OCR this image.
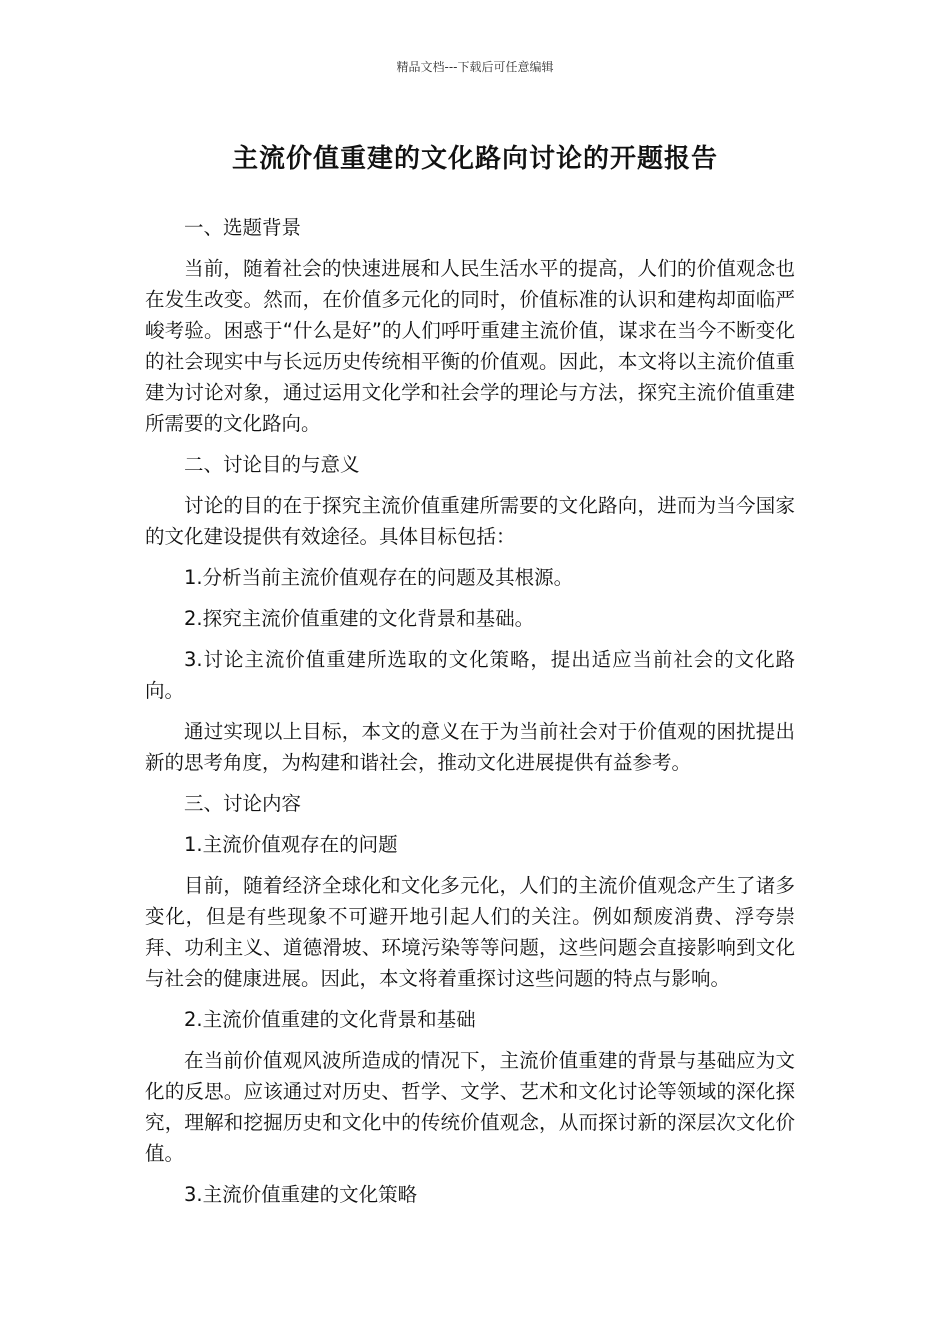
精品文档---下载后可任意编辑
主流价值重建的文化路向讨论的开题报告

一、选题背景

当前，随着社会的快速进展和人民生活水平的提高，人们的价值观念也在发生改变。然而，在价值多元化的同时，价值标准的认识和建构却面临严峻考验。困惑于“什么是好”的人们呼吁重建主流价值，谋求在当今不断变化的社会现实中与长远历史传统相平衡的价值观。因此，本文将以主流价值重建为讨论对象，通过运用文化学和社会学的理论与方法，探究主流价值重建所需要的文化路向。

二、讨论目的与意义

讨论的目的在于探究主流价值重建所需要的文化路向，进而为当今国家的文化建设提供有效途径。具体目标包括：

1.分析当前主流价值观存在的问题及其根源。

2.探究主流价值重建的文化背景和基础。

3.讨论主流价值重建所选取的文化策略，提出适应当前社会的文化路向。

通过实现以上目标，本文的意义在于为当前社会对于价值观的困扰提出新的思考角度，为构建和谐社会，推动文化进展提供有益参考。

三、讨论内容

1.主流价值观存在的问题

目前，随着经济全球化和文化多元化，人们的主流价值观念产生了诸多变化，但是有些现象不可避开地引起人们的关注。例如颓废消费、浮夸崇拜、功利主义、道德滑坡、环境污染等等问题，这些问题会直接影响到文化与社会的健康进展。因此，本文将着重探讨这些问题的特点与影响。

2.主流价值重建的文化背景和基础

在当前价值观风波所造成的情况下，主流价值重建的背景与基础应为文化的反思。应该通过对历史、哲学、文学、艺术和文化讨论等领域的深化探究，理解和挖掘历史和文化中的传统价值观念，从而探讨新的深层次文化价值。

3.主流价值重建的文化策略
